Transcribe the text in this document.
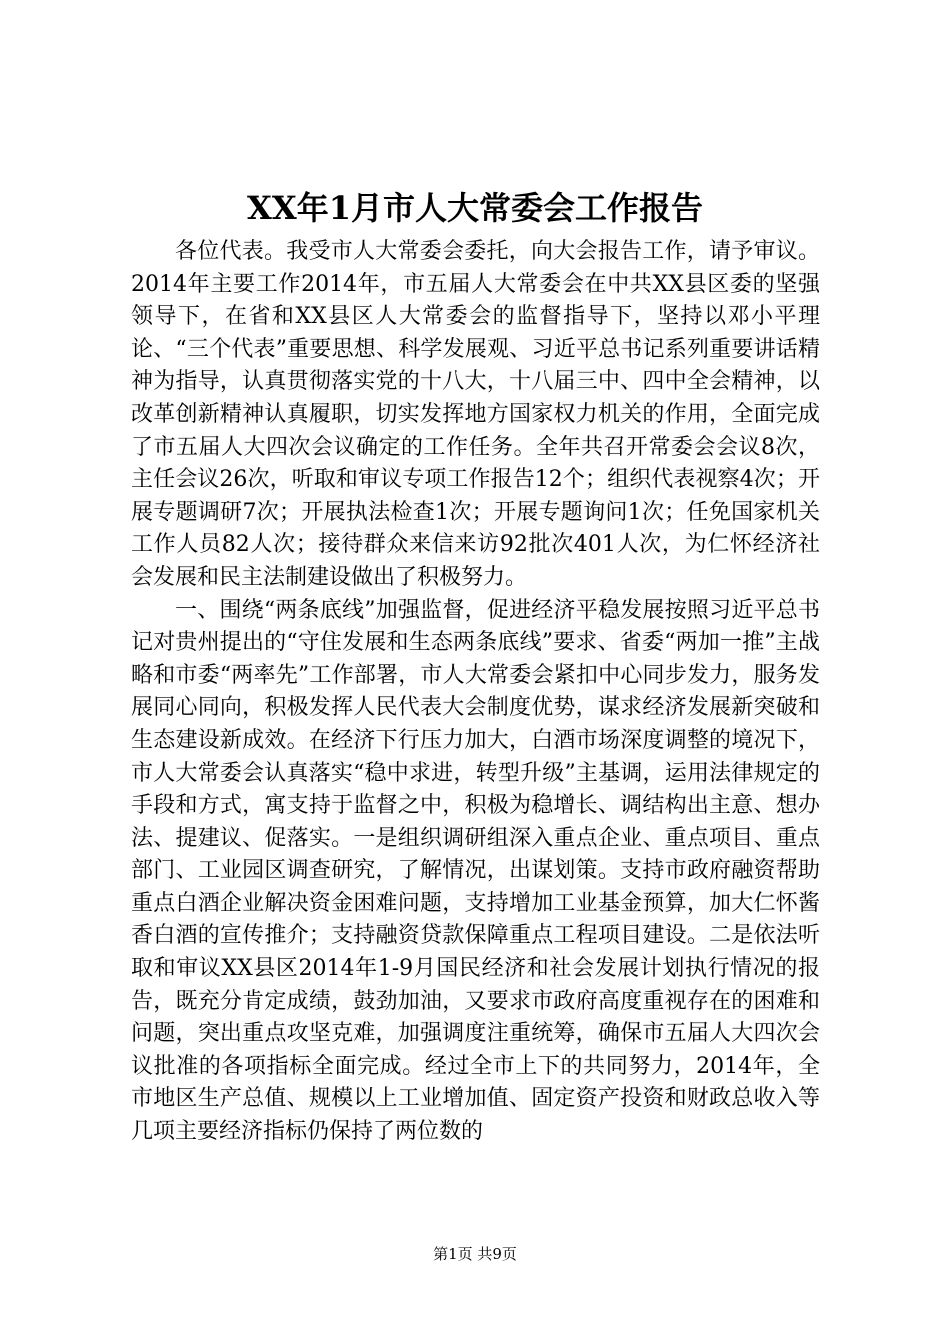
XX年1月市人大常委会工作报告

各位代表。我受市人大常委会委托，向大会报告工作，请予审议。2014年主要工作2014年，市五届人大常委会在中共XX县区委的坚强领导下，在省和XX县区人大常委会的监督指导下，坚持以邓小平理论、“三个代表”重要思想、科学发展观、习近平总书记系列重要讲话精神为指导，认真贯彻落实党的十八大，十八届三中、四中全会精神，以改革创新精神认真履职，切实发挥地方国家权力机关的作用，全面完成了市五届人大四次会议确定的工作任务。全年共召开常委会会议8次，主任会议26次，听取和审议专项工作报告12个；组织代表视察4次；开展专题调研7次；开展执法检查1次；开展专题询问1次；任免国家机关工作人员82人次；接待群众来信来访92批次401人次，为仁怀经济社会发展和民主法制建设做出了积极努力。

一、围绕“两条底线”加强监督，促进经济平稳发展按照习近平总书记对贵州提出的“守住发展和生态两条底线”要求、省委“两加一推”主战略和市委“两率先”工作部署，市人大常委会紧扣中心同步发力，服务发展同心同向，积极发挥人民代表大会制度优势，谋求经济发展新突破和生态建设新成效。在经济下行压力加大，白酒市场深度调整的境况下，市人大常委会认真落实“稳中求进，转型升级”主基调，运用法律规定的手段和方式，寓支持于监督之中，积极为稳增长、调结构出主意、想办法、提建议、促落实。一是组织调研组深入重点企业、重点项目、重点部门、工业园区调查研究，了解情况，出谋划策。支持市政府融资帮助重点白酒企业解决资金困难问题，支持增加工业基金预算，加大仁怀酱香白酒的宣传推介；支持融资贷款保障重点工程项目建设。二是依法听取和审议XX县区2014年1-9月国民经济和社会发展计划执行情况的报告，既充分肯定成绩，鼓劲加油，又要求市政府高度重视存在的困难和问题，突出重点攻坚克难，加强调度注重统筹，确保市五届人大四次会议批准的各项指标全面完成。经过全市上下的共同努力，2014年，全市地区生产总值、规模以上工业增加值、固定资产投资和财政总收入等几项主要经济指标仍保持了两位数的

第1页 共9页
